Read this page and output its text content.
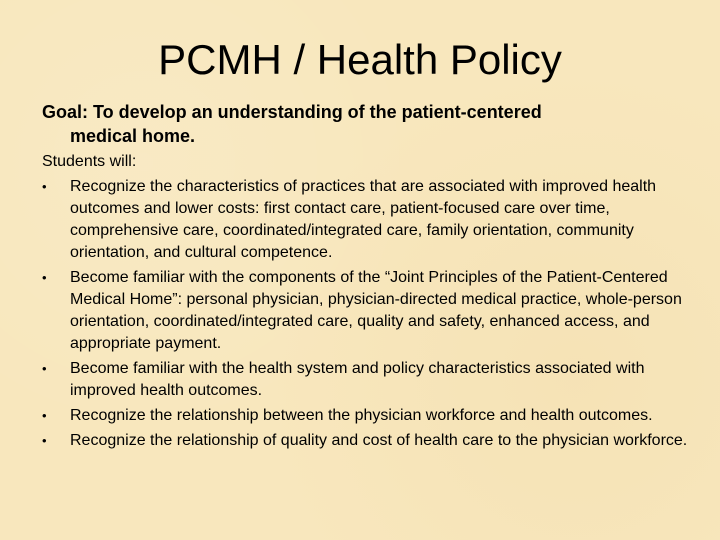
PCMH / Health Policy
Goal: To develop an understanding of the patient-centered
medical home.
Students will:
•	Recognize the characteristics of practices that are associated with improved health outcomes and lower costs: first contact care, patient-focused care over time, comprehensive care, coordinated/integrated care, family orientation, community orientation, and cultural competence.
•	Become familiar with the components of the “Joint Principles of the Patient-Centered Medical Home”: personal physician, physician-directed medical practice, whole-person orientation, coordinated/integrated care, quality and safety, enhanced access, and appropriate payment.
•	Become familiar with the health system and policy characteristics associated with improved health outcomes.
•	Recognize the relationship between the physician workforce and health outcomes.
•	Recognize the relationship of quality and cost of health care to the physician workforce.
